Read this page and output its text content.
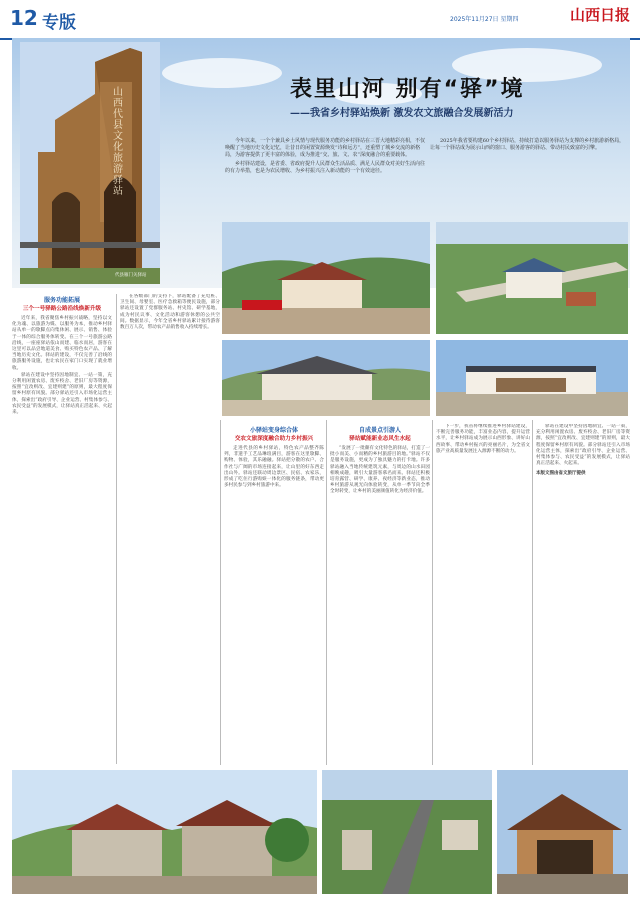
12 专版	2025年11月27日 星期四	山西日报
山西代县文化旅游驿站
代县雁门关驿站
表里山河 别有“驿”境
——我省乡村驿站焕新 激发农文旅融合发展新活力

今年以来，一个个兼具乡土风情与现代服务功能的乡村驿站在三晋大地精彩亮相，不仅唤醒了当地历史文化记忆，让昔日的闲置资源焕发“诗和远方”，还重塑了城乡交流的新格局，为游客提供了更丰富的体验，成为推进“交、旅、文、农”深度融合的重要载体。

乡村驿站建设，是省委、省政府提升人民群众生活品质、满足人民群众对美好生活向往的有力举措，也是为农民增收、为乡村振兴注入新动能的一个有效途径。

2025年我省要构建60个乡村驿站，持续打造以服务驿站为支撑的乡村旅游新格局，让每一个驿站成为展示山西的窗口、服务游客的驿站、带动村民致富的引擎。

服务功能拓展
三个一号驿路公路沿线焕新升级

近年来，我省聚焦乡村振兴战略，坚持以文化为魂、以旅游为媒、以服务为本，推动乡村驿站从单一的歇脚点向集休闲、展示、销售、体验于一体的综合服务体转变。在三个一号旅游公路沿线，一座座驿站依山而建、临水而居，游客在这里可以品尝地道美食、购买特色农产品、了解当地历史文化。驿站的建设，不仅完善了沿线的旅游服务设施，也让农民在家门口实现了就业增收。

驿站在建设中坚持因地制宜、一站一策，充分利用闲置农房、废弃校舍、老旧厂房等资源，按照“宜改则改、宜建则建”的原则，最大程度保留乡村原有风貌。部分驿站还引入市场化运营主体，探索出“政府引导、企业运营、村集体参与、农民受益”的发展模式，让驿站真正活起来、火起来。

在各级部门的支持下，驿站配备了充电桩、卫生间、母婴室、医疗急救箱等便民设施，部分驿站还设置了党群服务站、村史馆、研学基地，成为村民议事、文化活动和游客休憩的公共空间。数据显示，今年全省乡村驿站累计接待游客数百万人次，带动农产品销售收入持续增长。

小驿站变身综合体
交农文旅深度融合助力乡村振兴

走进代县的乡村驿站，特色农产品整齐陈列，非遗手工艺品琳琅满目，游客在这里歇脚、购物、体验，其乐融融。驿站把分散的农户、合作社与广阔的市场连接起来，让山里的好东西走出山外。驿站还联动周边景区、民宿、农家乐，形成了吃住行游购娱一体化的服务链条，带动更多村民参与到乡村旅游中来。

自成景点引游人
驿站赋能新业态风生水起

“发展了一批颇有文化特色的驿站，打造了一批小而美、小而精的乡村旅游目的地。”驿站不仅是服务设施，更成为了独具魅力的打卡地。许多驿站融入当地传统建筑元素，与周边的山水田园相映成趣，吸引大量游客慕名而来。驿站还积极培育露营、研学、康养、夜经济等新业态，推动乡村旅游从观光向体验转变，从单一季节向全季全时转变，让乡村的美丽颜值转化为经济价值。

下一步，我省将继续推进乡村驿站建设，不断完善服务功能，丰富业态内容，提升运营水平，让乡村驿站成为展示山西形象、讲好山西故事、带动乡村振兴的亮丽名片，为全省文旅产业高质量发展注入源源不断的动力。

驿站在建设中坚持因地制宜、一站一策，充分利用闲置农房、废弃校舍、老旧厂房等资源，按照“宜改则改、宜建则建”的原则，最大程度保留乡村原有风貌。部分驿站还引入市场化运营主体，探索出“政府引导、企业运营、村集体参与、农民受益”的发展模式，让驿站真正活起来、火起来。

本版文图由省文旅厅提供
